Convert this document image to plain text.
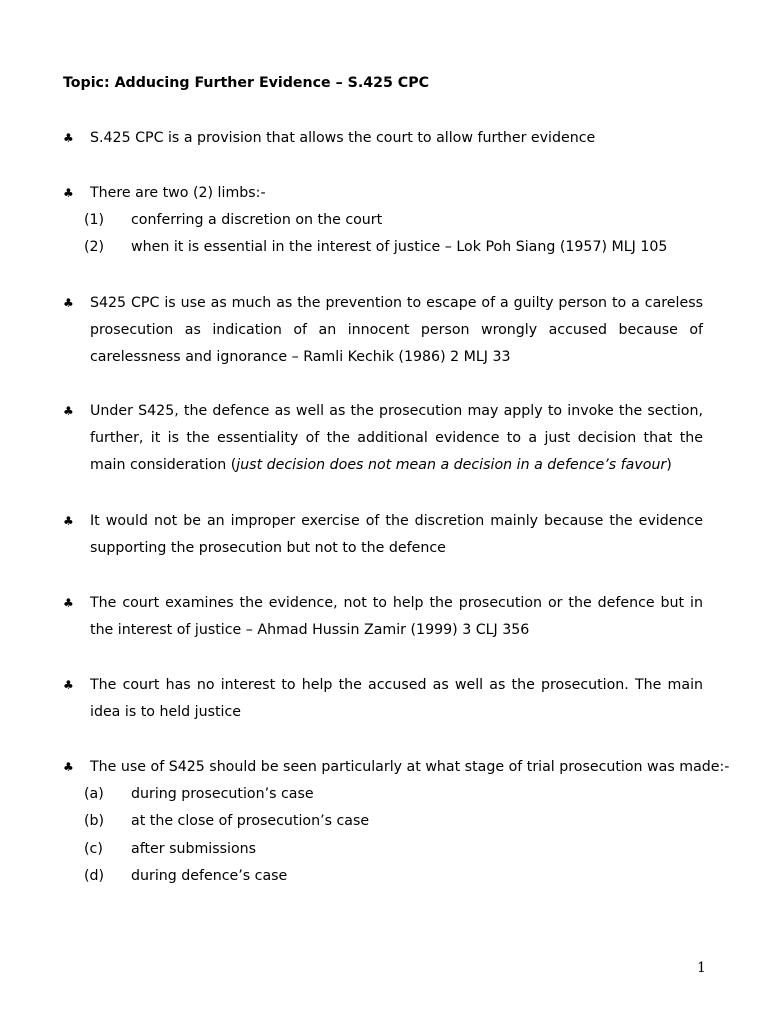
Topic: Adducing Further Evidence – S.425 CPC
♣ S.425 CPC is a provision that allows the court to allow further evidence
♣ There are two (2) limbs:-
(1) conferring a discretion on the court
(2) when it is essential in the interest of justice – Lok Poh Siang (1957) MLJ 105
♣ S425 CPC is use as much as the prevention to escape of a guilty person to a careless prosecution as indication of an innocent person wrongly accused because of carelessness and ignorance – Ramli Kechik (1986) 2 MLJ 33
♣ Under S425, the defence as well as the prosecution may apply to invoke the section, further, it is the essentiality of the additional evidence to a just decision that the main consideration (just decision does not mean a decision in a defence’s favour)
♣ It would not be an improper exercise of the discretion mainly because the evidence supporting the prosecution but not to the defence
♣ The court examines the evidence, not to help the prosecution or the defence but in the interest of justice – Ahmad Hussin Zamir (1999) 3 CLJ 356
♣ The court has no interest to help the accused as well as the prosecution. The main idea is to held justice
♣ The use of S425 should be seen particularly at what stage of trial prosecution was made:-
(a) during prosecution’s case
(b) at the close of prosecution’s case
(c) after submissions
(d) during defence’s case
1
